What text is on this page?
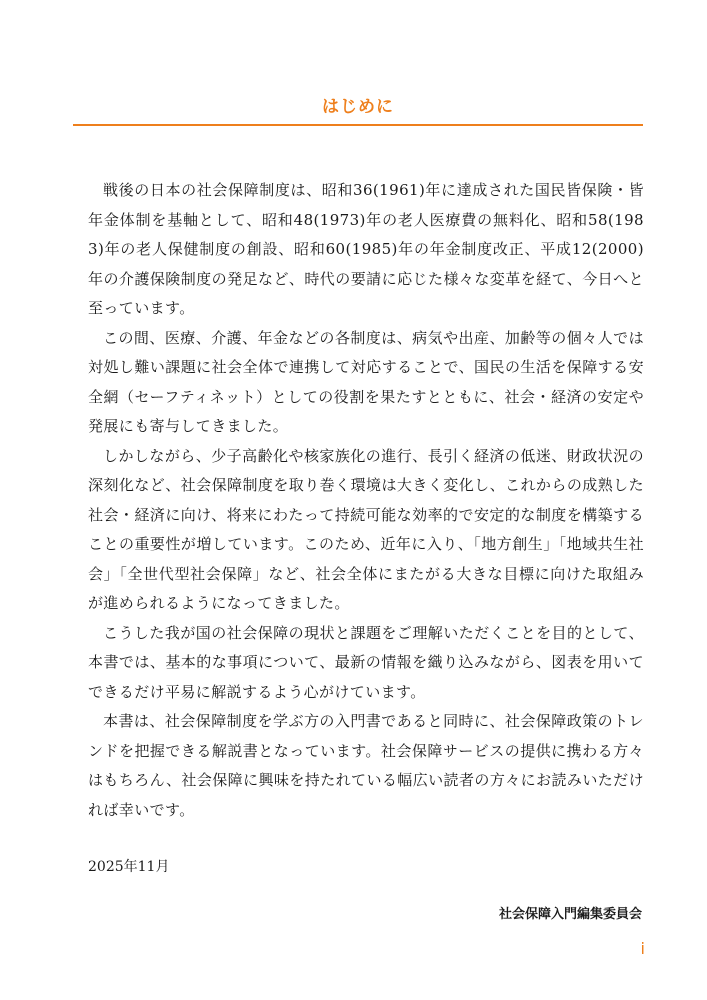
はじめに

戦後の日本の社会保障制度は、昭和36(1961)年に達成された国民皆保険・皆年金体制を基軸として、昭和48(1973)年の老人医療費の無料化、昭和58(1983)年の老人保健制度の創設、昭和60(1985)年の年金制度改正、平成12(2000)年の介護保険制度の発足など、時代の要請に応じた様々な変革を経て、今日へと至っています。

この間、医療、介護、年金などの各制度は、病気や出産、加齢等の個々人では対処し難い課題に社会全体で連携して対応することで、国民の生活を保障する安全網（セーフティネット）としての役割を果たすとともに、社会・経済の安定や発展にも寄与してきました。

しかしながら、少子高齢化や核家族化の進行、長引く経済の低迷、財政状況の深刻化など、社会保障制度を取り巻く環境は大きく変化し、これからの成熟した社会・経済に向け、将来にわたって持続可能な効率的で安定的な制度を構築することの重要性が増しています。このため、近年に入り、「地方創生」「地域共生社会」「全世代型社会保障」など、社会全体にまたがる大きな目標に向けた取組みが進められるようになってきました。

こうした我が国の社会保障の現状と課題をご理解いただくことを目的として、本書では、基本的な事項について、最新の情報を織り込みながら、図表を用いてできるだけ平易に解説するよう心がけています。

本書は、社会保障制度を学ぶ方の入門書であると同時に、社会保障政策のトレンドを把握できる解説書となっています。社会保障サービスの提供に携わる方々はもちろん、社会保障に興味を持たれている幅広い読者の方々にお読みいただければ幸いです。

2025年11月
社会保障入門編集委員会
i
